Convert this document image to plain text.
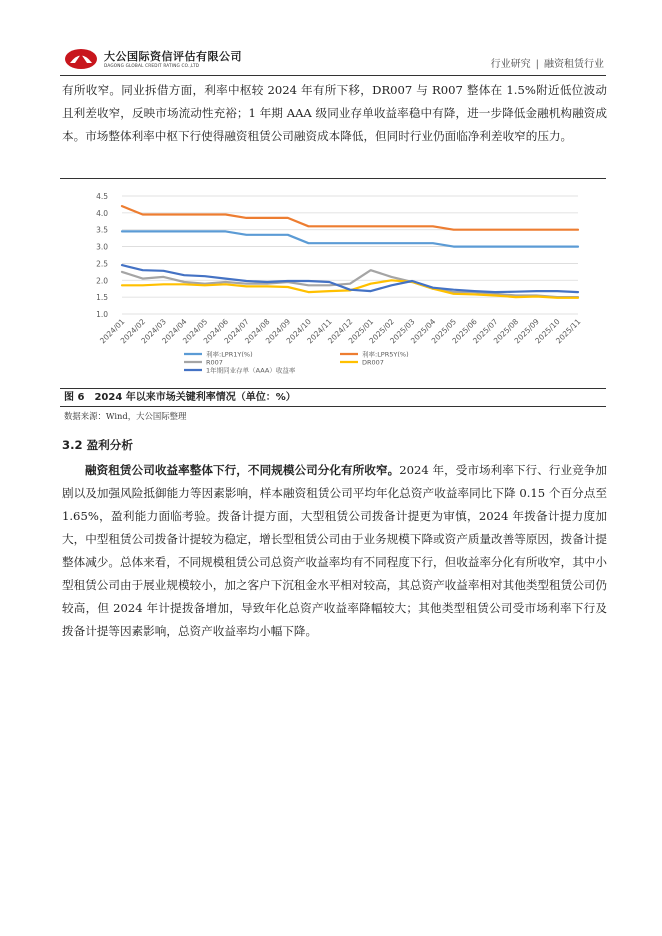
大公国际资信评估有限公司
DAGONG GLOBAL CREDIT RATING CO.,LTD	行业研究 | 融资租赁行业

有所收窄。同业拆借方面，利率中枢较 2024 年有所下移，DR007 与 R007 整体在 1.5%附近低位波动且利差收窄，反映市场流动性充裕；1 年期 AAA 级同业存单收益率稳中有降，进一步降低金融机构融资成本。市场整体利率中枢下行使得融资租赁公司融资成本降低，但同时行业仍面临净利差收窄的压力。

1.0
1.5
2.0
2.5
3.0
3.5
4.0
4.5
2024/01
2024/02
2024/03
2024/04
2024/05
2024/06
2024/07
2024/08
2024/09
2024/10
2024/11
2024/12
2025/01
2025/02
2025/03
2025/04
2025/05
2025/06
2025/07
2025/08
2025/09
2025/10
2025/11
利率:LPR1Y(%)	利率:LPR5Y(%)
R007	DR007
1年期同业存单（AAA）收益率
图 6　2024 年以来市场关键利率情况（单位：%）
数据来源：Wind，大公国际整理
3.2 盈利分析

融资租赁公司收益率整体下行，不同规模公司分化有所收窄。2024 年，受市场利率下行、行业竞争加剧以及加强风险抵御能力等因素影响，样本融资租赁公司平均年化总资产收益率同比下降 0.15 个百分点至 1.65%，盈利能力面临考验。拨备计提方面，大型租赁公司拨备计提更为审慎，2024 年拨备计提力度加大，中型租赁公司拨备计提较为稳定，增长型租赁公司由于业务规模下降或资产质量改善等原因，拨备计提整体减少。总体来看，不同规模租赁公司总资产收益率均有不同程度下行，但收益率分化有所收窄，其中小型租赁公司由于展业规模较小，加之客户下沉租金水平相对较高，其总资产收益率相对其他类型租赁公司仍较高，但 2024 年计提拨备增加，导致年化总资产收益率降幅较大；其他类型租赁公司受市场利率下行及拨备计提等因素影响，总资产收益率均小幅下降。
